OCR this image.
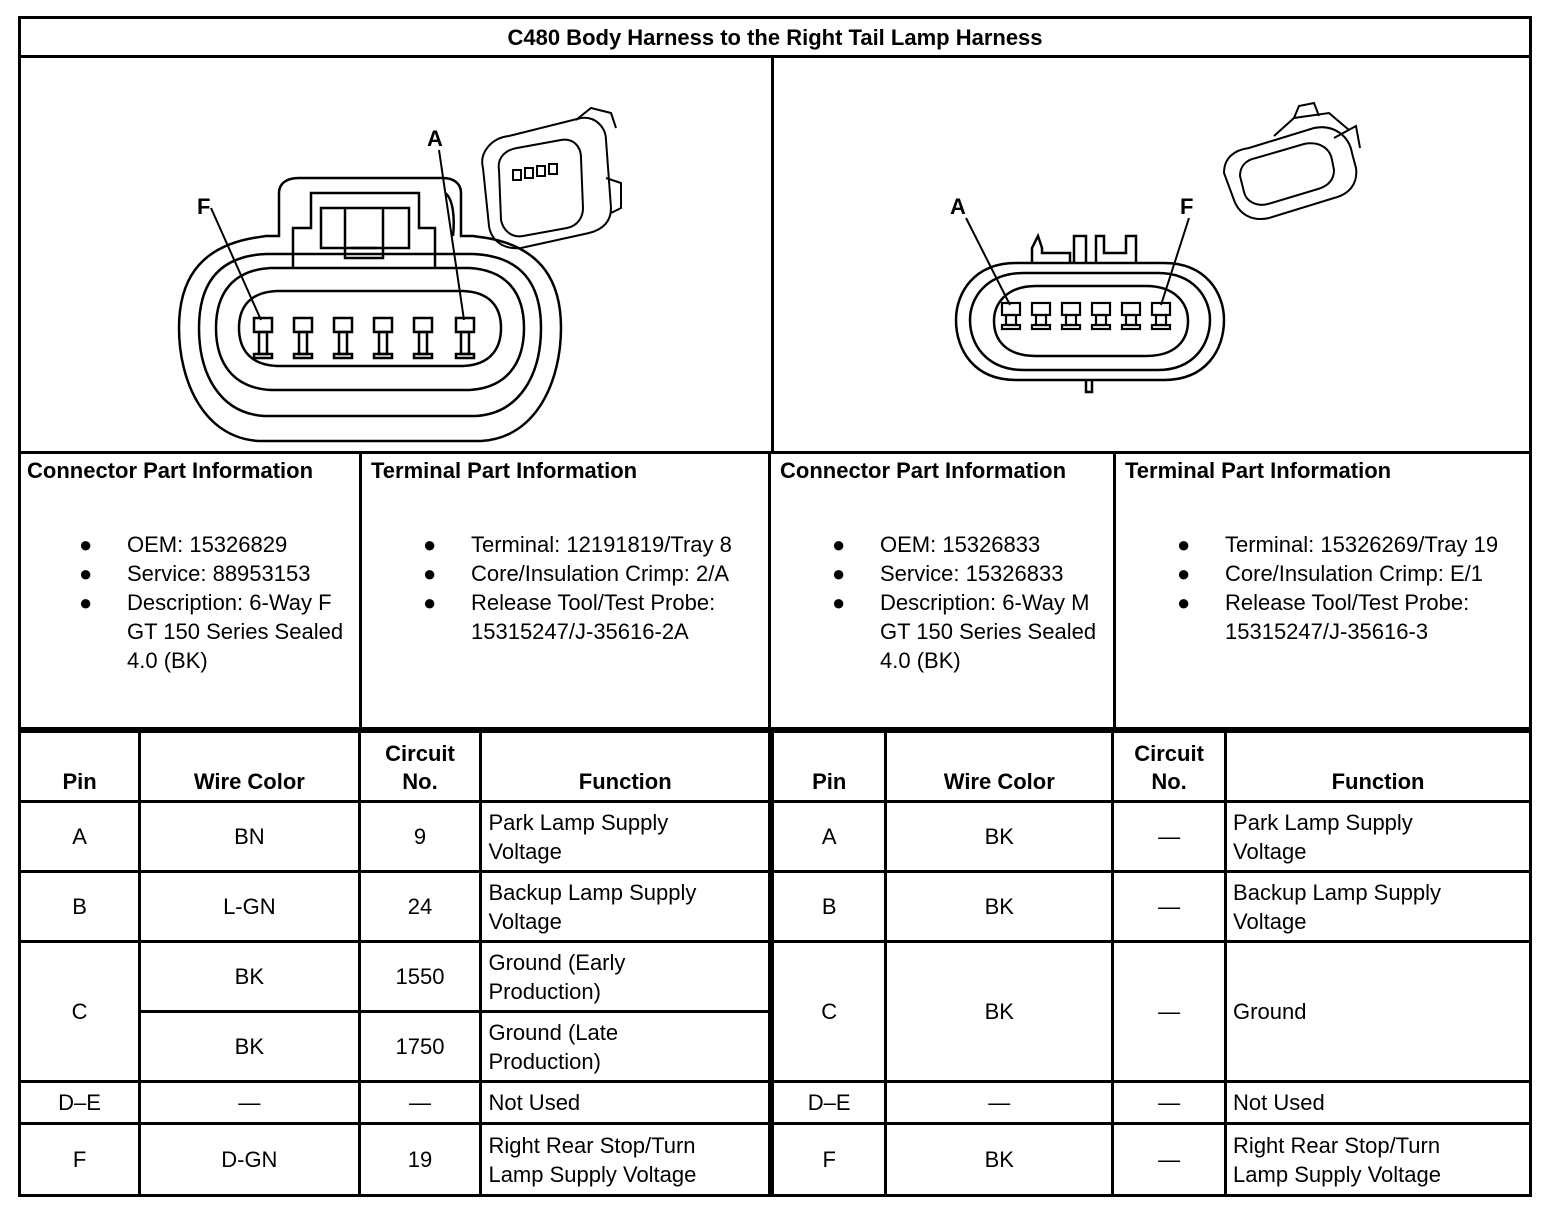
C480 Body Harness to the Right Tail Lamp Harness
F
A
A	F
Connector Part Information
● OEM: 15326829
● Service: 88953153
● Description: 6-Way F GT 150 Series Sealed 4.0 (BK)
Terminal Part Information
● Terminal: 12191819/Tray 8
● Core/Insulation Crimp: 2/A
● Release Tool/Test Probe: 15315247/J-35616-2A
Connector Part Information
● OEM: 15326833
● Service: 15326833
● Description: 6-Way M GT 150 Series Sealed 4.0 (BK)
Terminal Part Information
● Terminal: 15326269/Tray 19
● Core/Insulation Crimp: E/1
● Release Tool/Test Probe: 15315247/J-35616-3
Pin	Wire Color	Circuit No.	Function
A	BN	9	Park Lamp Supply Voltage
B	L-GN	24	Backup Lamp Supply Voltage
C	BK	1550	Ground (Early Production)
	BK	1750	Ground (Late Production)
D–E	—	—	Not Used
F	D-GN	19	Right Rear Stop/Turn Lamp Supply Voltage
Pin	Wire Color	Circuit No.	Function
A	BK	—	Park Lamp Supply Voltage
B	BK	—	Backup Lamp Supply Voltage
C	BK	—	Ground
D–E	—	—	Not Used
F	BK	—	Right Rear Stop/Turn Lamp Supply Voltage
